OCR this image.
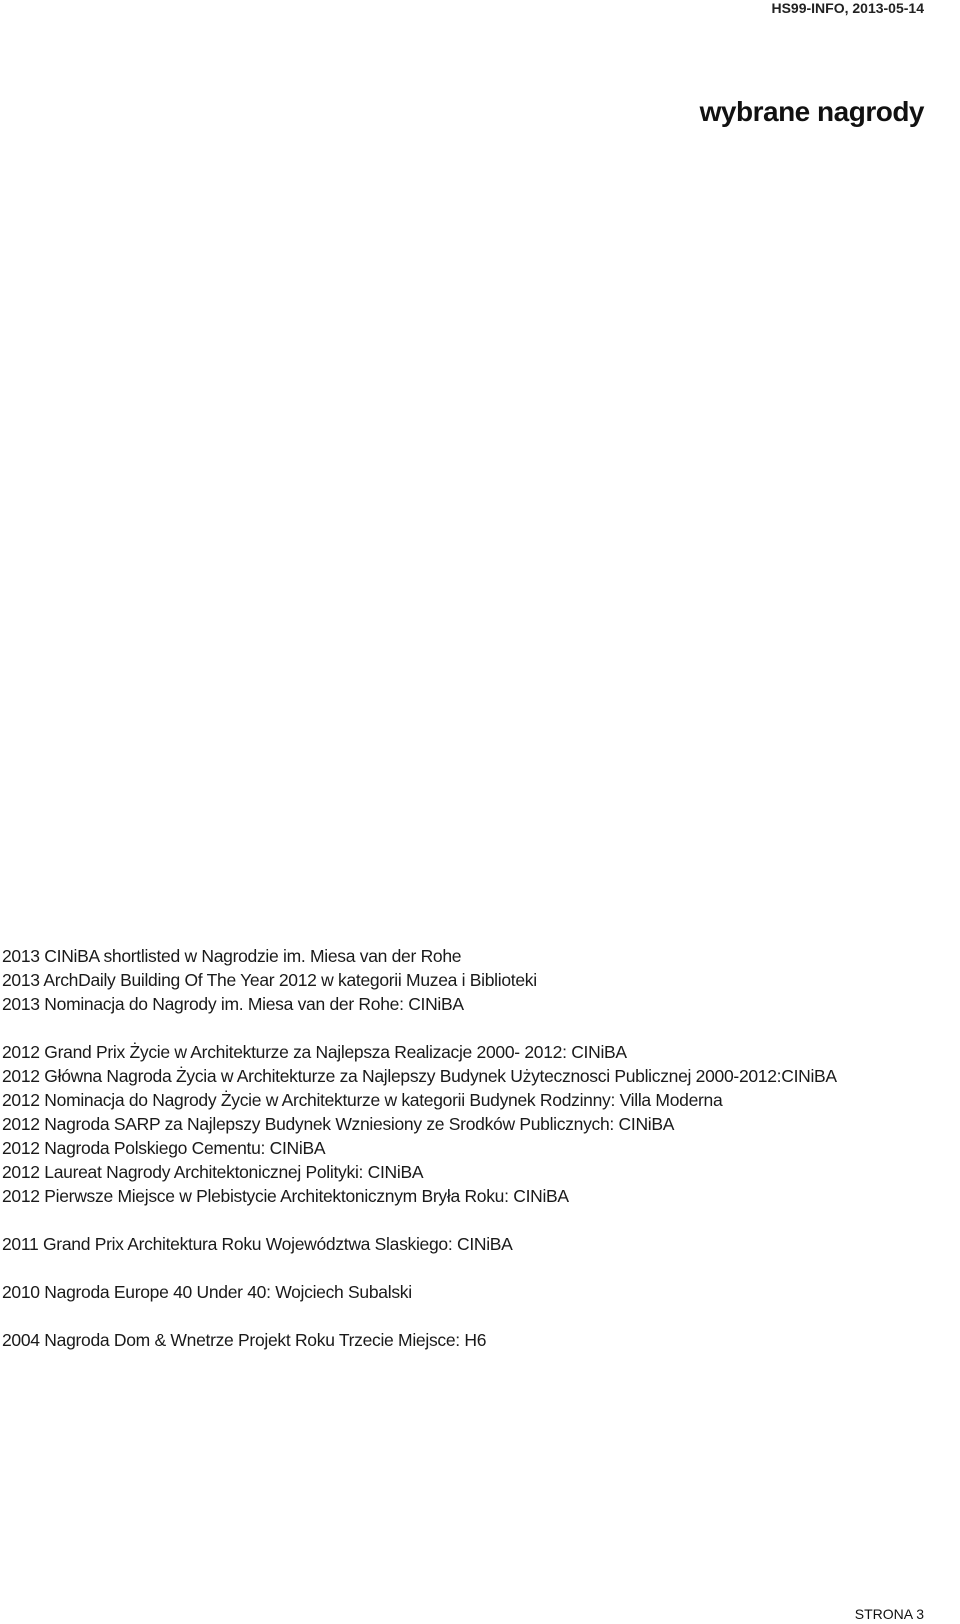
HS99-INFO, 2013-05-14
wybrane nagrody
2013 CINiBA shortlisted w Nagrodzie im. Miesa van der Rohe
2013 ArchDaily Building Of The Year 2012 w kategorii Muzea i Biblioteki
2013 Nominacja do Nagrody im. Miesa van der Rohe: CINiBA
2012 Grand Prix Życie w Architekturze za Najlepsza Realizacje 2000- 2012: CINiBA
2012 Główna Nagroda Życia w Architekturze za Najlepszy Budynek Użytecznosci Publicznej 2000-2012:CINiBA
2012 Nominacja do Nagrody Życie w Architekturze w kategorii Budynek Rodzinny: Villa Moderna
2012 Nagroda SARP za Najlepszy Budynek Wzniesiony ze Srodków Publicznych: CINiBA
2012 Nagroda Polskiego Cementu: CINiBA
2012 Laureat Nagrody Architektonicznej Polityki: CINiBA
2012 Pierwsze Miejsce w Plebistycie Architektonicznym Bryła Roku: CINiBA
2011 Grand Prix Architektura Roku Województwa Slaskiego: CINiBA
2010 Nagroda Europe 40 Under 40: Wojciech Subalski
2004 Nagroda Dom & Wnetrze Projekt Roku Trzecie Miejsce: H6
STRONA 3
